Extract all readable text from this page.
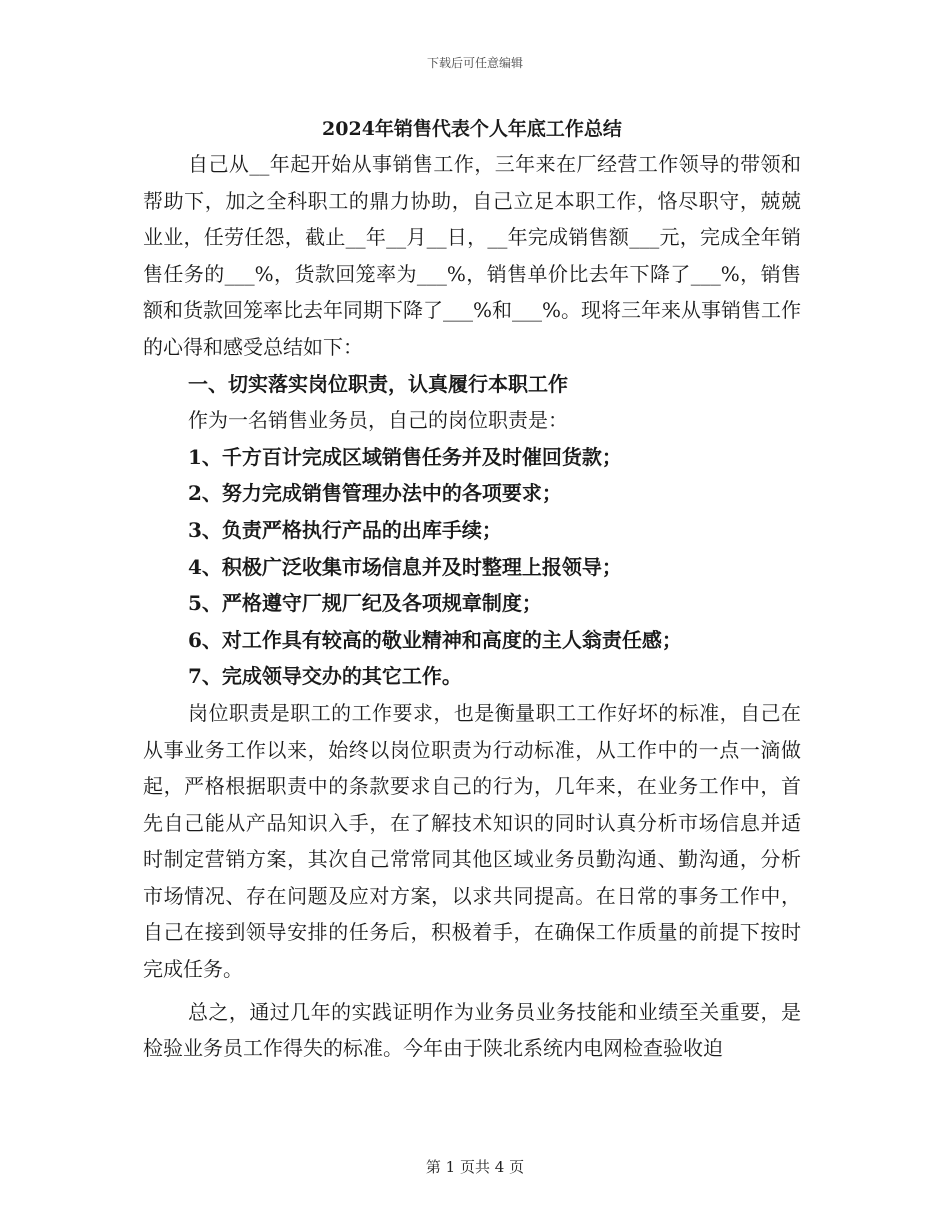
下载后可任意编辑
2024年销售代表个人年底工作总结

自己从__年起开始从事销售工作，三年来在厂经营工作领导的带领和帮助下，加之全科职工的鼎力协助，自己立足本职工作，恪尽职守，兢兢业业，任劳任怨，截止__年__月__日，__年完成销售额___元，完成全年销售任务的___%，货款回笼率为___%，销售单价比去年下降了___%，销售额和货款回笼率比去年同期下降了___%和___%。现将三年来从事销售工作的心得和感受总结如下：

一、切实落实岗位职责，认真履行本职工作

作为一名销售业务员，自己的岗位职责是：

1、千方百计完成区域销售任务并及时催回货款；

2、努力完成销售管理办法中的各项要求；

3、负责严格执行产品的出库手续；

4、积极广泛收集市场信息并及时整理上报领导；

5、严格遵守厂规厂纪及各项规章制度；

6、对工作具有较高的敬业精神和高度的主人翁责任感；

7、完成领导交办的其它工作。

岗位职责是职工的工作要求，也是衡量职工工作好坏的标准，自己在从事业务工作以来，始终以岗位职责为行动标准，从工作中的一点一滴做起，严格根据职责中的条款要求自己的行为，几年来，在业务工作中，首先自己能从产品知识入手，在了解技术知识的同时认真分析市场信息并适时制定营销方案，其次自己常常同其他区域业务员勤沟通、勤沟通，分析市场情况、存在问题及应对方案，以求共同提高。在日常的事务工作中，自己在接到领导安排的任务后，积极着手，在确保工作质量的前提下按时完成任务。

总之，通过几年的实践证明作为业务员业务技能和业绩至关重要，是检验业务员工作得失的标准。今年由于陕北系统内电网检查验收迫

第 1 页共 4 页
